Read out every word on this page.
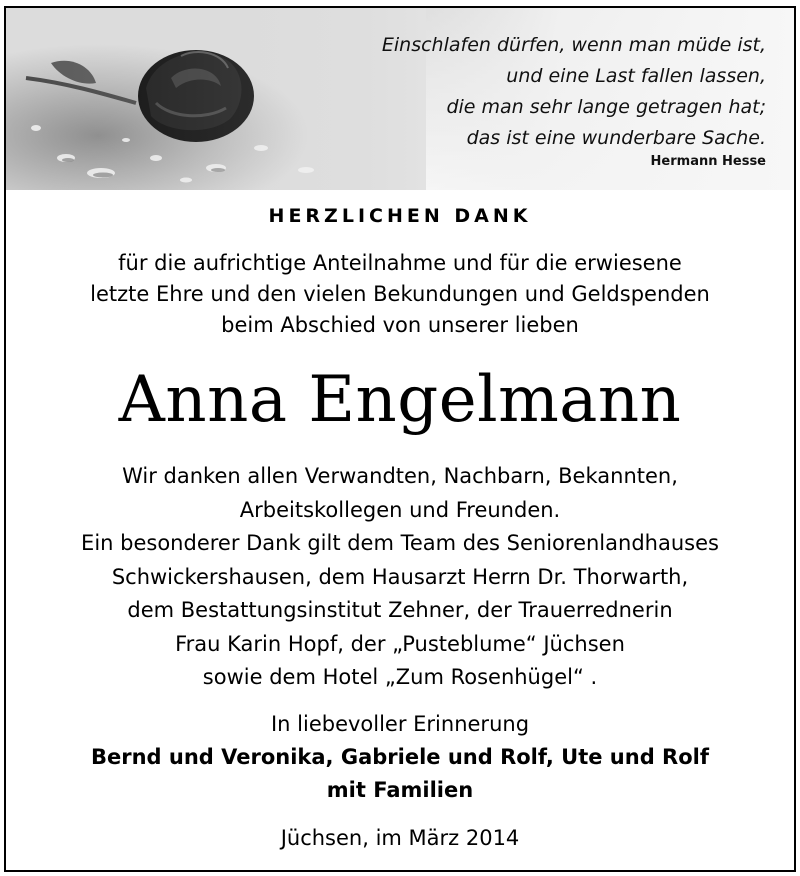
Einschlafen dürfen, wenn man müde ist,
und eine Last fallen lassen,
die man sehr lange getragen hat;
das ist eine wunderbare Sache.
Hermann Hesse
HERZLICHEN DANK
für die aufrichtige Anteilnahme und für die erwiesene
letzte Ehre und den vielen Bekundungen und Geldspenden
beim Abschied von unserer lieben
Anna Engelmann
Wir danken allen Verwandten, Nachbarn, Bekannten,
Arbeitskollegen und Freunden.
Ein besonderer Dank gilt dem Team des Seniorenlandhauses
Schwickershausen, dem Hausarzt Herrn Dr. Thorwarth,
dem Bestattungsinstitut Zehner, der Trauerrednerin
Frau Karin Hopf, der „Pusteblume“ Jüchsen
sowie dem Hotel „Zum Rosenhügel“ .
In liebevoller Erinnerung
Bernd und Veronika, Gabriele und Rolf, Ute und Rolf
mit Familien
Jüchsen, im März 2014
